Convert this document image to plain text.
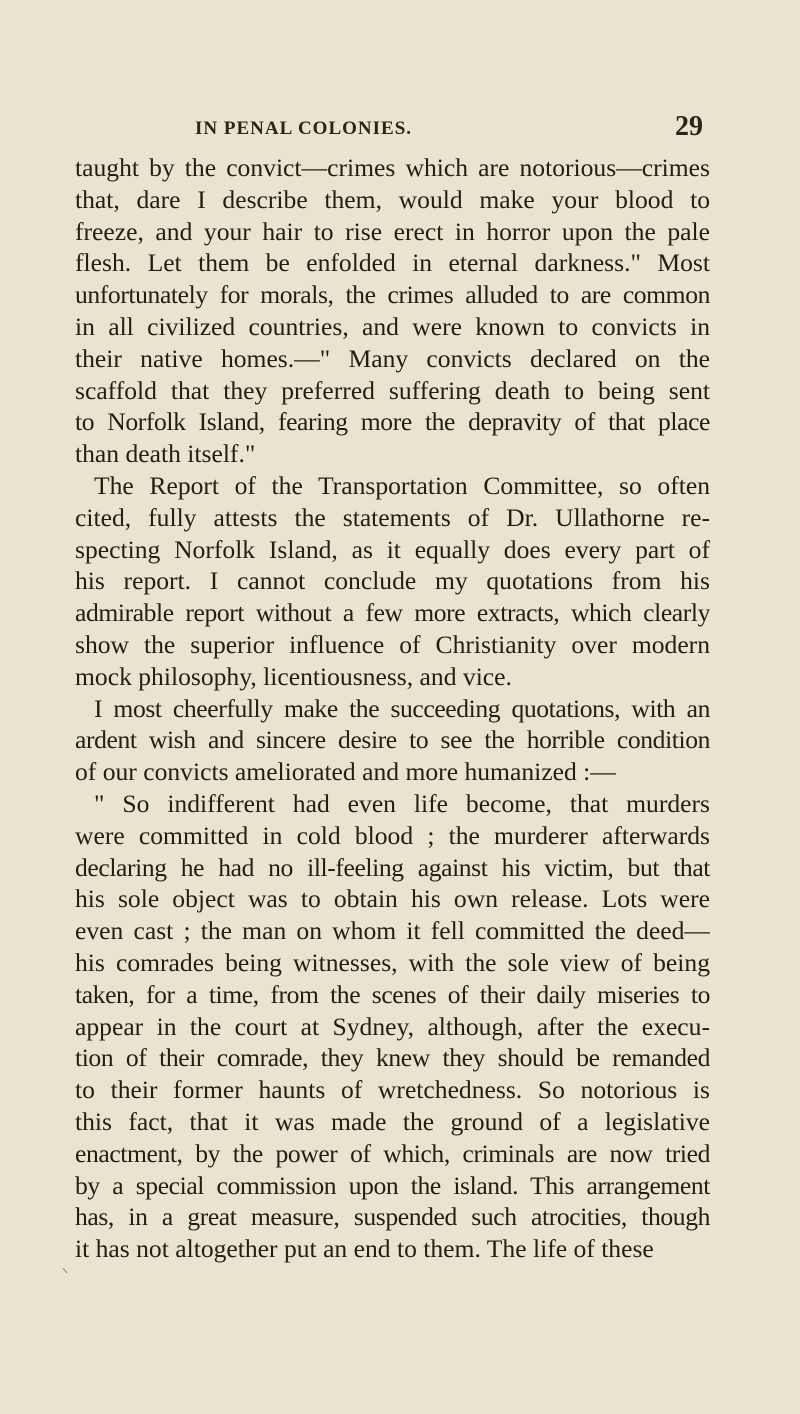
IN PENAL COLONIES.	29
taught by the convict—crimes which are notorious—crimes
that, dare I describe them, would make your blood to
freeze, and your hair to rise erect in horror upon the pale
flesh. Let them be enfolded in eternal darkness." Most
unfortunately for morals, the crimes alluded to are common
in all civilized countries, and were known to convicts in
their native homes.—" Many convicts declared on the
scaffold that they preferred suffering death to being sent
to Norfolk Island, fearing more the depravity of that place
than death itself."
The Report of the Transportation Committee, so often
cited, fully attests the statements of Dr. Ullathorne re-
specting Norfolk Island, as it equally does every part of
his report. I cannot conclude my quotations from his
admirable report without a few more extracts, which clearly
show the superior influence of Christianity over modern
mock philosophy, licentiousness, and vice.
I most cheerfully make the succeeding quotations, with an
ardent wish and sincere desire to see the horrible condition
of our convicts ameliorated and more humanized :—
" So indifferent had even life become, that murders
were committed in cold blood ; the murderer afterwards
declaring he had no ill-feeling against his victim, but that
his sole object was to obtain his own release. Lots were
even cast ; the man on whom it fell committed the deed—
his comrades being witnesses, with the sole view of being
taken, for a time, from the scenes of their daily miseries to
appear in the court at Sydney, although, after the execu-
tion of their comrade, they knew they should be remanded
to their former haunts of wretchedness. So notorious is
this fact, that it was made the ground of a legislative
enactment, by the power of which, criminals are now tried
by a special commission upon the island. This arrangement
has, in a great measure, suspended such atrocities, though
it has not altogether put an end to them. The life of these
